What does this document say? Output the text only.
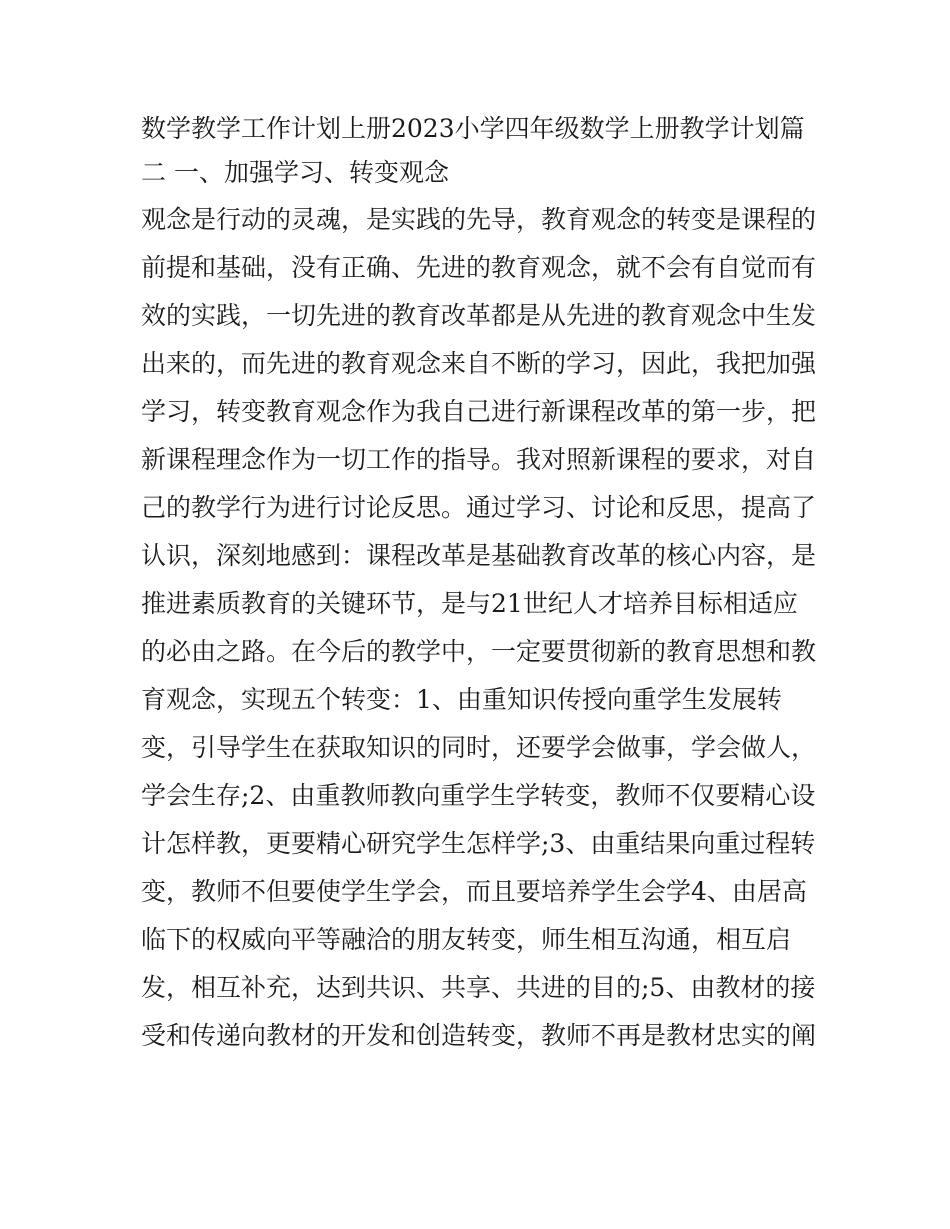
数学教学工作计划上册2023小学四年级数学上册教学计划篇
二 一、加强学习、转变观念
观念是行动的灵魂，是实践的先导，教育观念的转变是课程的
前提和基础，没有正确、先进的教育观念，就不会有自觉而有
效的实践，一切先进的教育改革都是从先进的教育观念中生发
出来的，而先进的教育观念来自不断的学习，因此，我把加强
学习，转变教育观念作为我自己进行新课程改革的第一步，把
新课程理念作为一切工作的指导。我对照新课程的要求，对自
己的教学行为进行讨论反思。通过学习、讨论和反思，提高了
认识，深刻地感到：课程改革是基础教育改革的核心内容，是
推进素质教育的关键环节，是与21世纪人才培养目标相适应
的必由之路。在今后的教学中，一定要贯彻新的教育思想和教
育观念，实现五个转变：1、由重知识传授向重学生发展转
变，引导学生在获取知识的同时，还要学会做事，学会做人，
学会生存;2、由重教师教向重学生学转变，教师不仅要精心设
计怎样教，更要精心研究学生怎样学;3、由重结果向重过程转
变，教师不但要使学生学会，而且要培养学生会学4、由居高
临下的权威向平等融洽的朋友转变，师生相互沟通，相互启
发，相互补充，达到共识、共享、共进的目的;5、由教材的接
受和传递向教材的开发和创造转变，教师不再是教材忠实的阐
